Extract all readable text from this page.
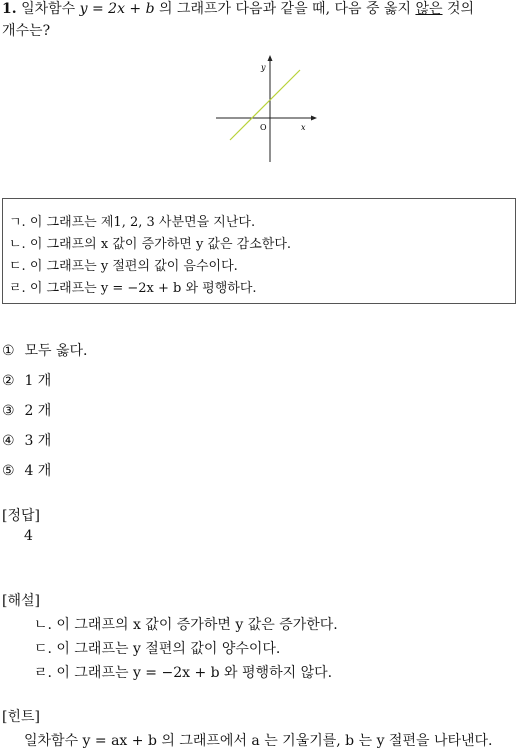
1. 일차함수 y = 2x + b 의 그래프가 다음과 같을 때, 다음 중 옳지 않은 것의
개수는?
y
x
O
ㄱ. 이 그래프는 제1, 2, 3 사분면을 지난다.
ㄴ. 이 그래프의 x 값이 증가하면 y 값은 감소한다.
ㄷ. 이 그래프는 y 절편의 값이 음수이다.
ㄹ. 이 그래프는 y = −2x + b 와 평행하다.
① 모두 옳다.
② 1 개
③ 2 개
④ 3 개
⑤ 4 개
[정답]
4
[해설]
ㄴ. 이 그래프의 x 값이 증가하면 y 값은 증가한다.
ㄷ. 이 그래프는 y 절편의 값이 양수이다.
ㄹ. 이 그래프는 y = −2x + b 와 평행하지 않다.
[힌트]
일차함수 y = ax + b 의 그래프에서 a 는 기울기를, b 는 y 절편을 나타낸다.
